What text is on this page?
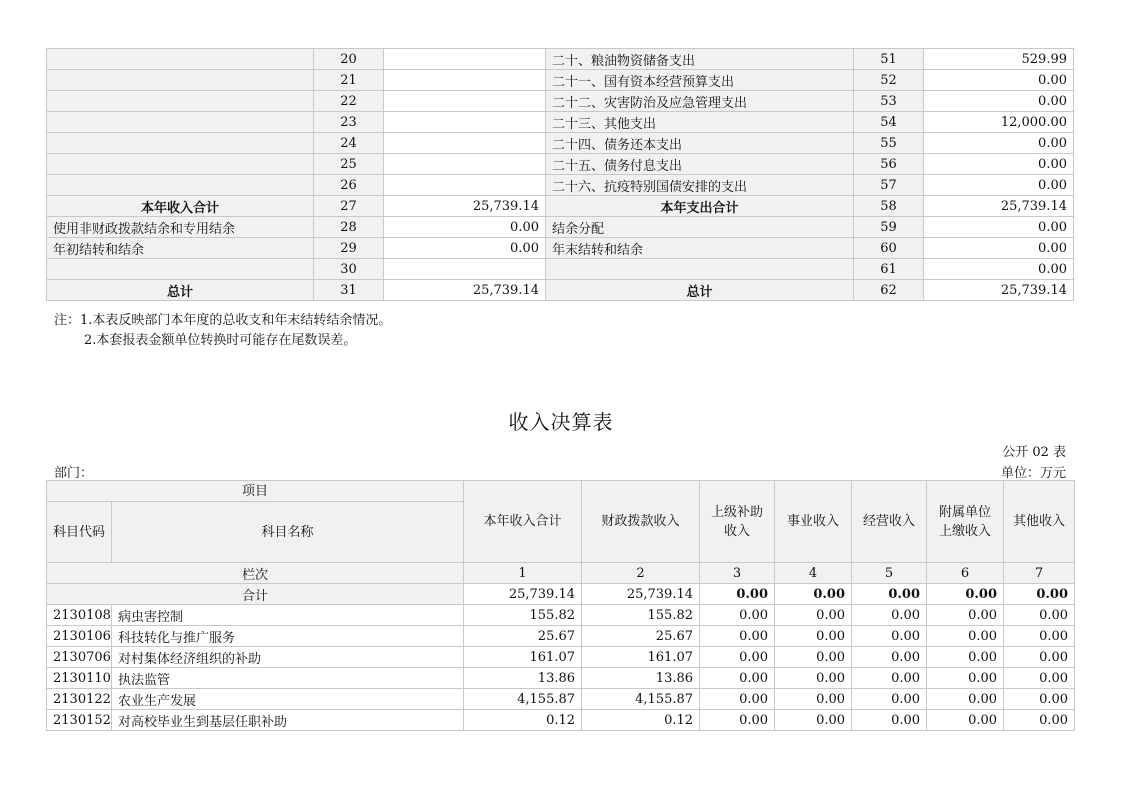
	20		二十、粮油物资储备支出	51	529.99
	21		二十一、国有资本经营预算支出	52	0.00
	22		二十二、灾害防治及应急管理支出	53	0.00
	23		二十三、其他支出	54	12,000.00
	24		二十四、债务还本支出	55	0.00
	25		二十五、债务付息支出	56	0.00
	26		二十六、抗疫特别国债安排的支出	57	0.00
本年收入合计	27	25,739.14	本年支出合计	58	25,739.14
使用非财政拨款结余和专用结余	28	0.00	结余分配	59	0.00
年初结转和结余	29	0.00	年末结转和结余	60	0.00
	30			61	0.00
总计	31	25,739.14	总计	62	25,739.14
注：1.本表反映部门本年度的总收支和年末结转结余情况。
2.本套报表金额单位转换时可能存在尾数误差。
收入决算表
公开 02 表
部门：	单位：万元
项目		本年收入合计	财政拨款收入	上级补助收入	事业收入	经营收入	附属单位上缴收入	其他收入
科目代码	科目名称							
栏次		1	2	3	4	5	6	7
合计		25,739.14	25,739.14	0.00	0.00	0.00	0.00	0.00
2130108	病虫害控制	155.82	155.82	0.00	0.00	0.00	0.00	0.00
2130106	科技转化与推广服务	25.67	25.67	0.00	0.00	0.00	0.00	0.00
2130706	对村集体经济组织的补助	161.07	161.07	0.00	0.00	0.00	0.00	0.00
2130110	执法监管	13.86	13.86	0.00	0.00	0.00	0.00	0.00
2130122	农业生产发展	4,155.87	4,155.87	0.00	0.00	0.00	0.00	0.00
2130152	对高校毕业生到基层任职补助	0.12	0.12	0.00	0.00	0.00	0.00	0.00
